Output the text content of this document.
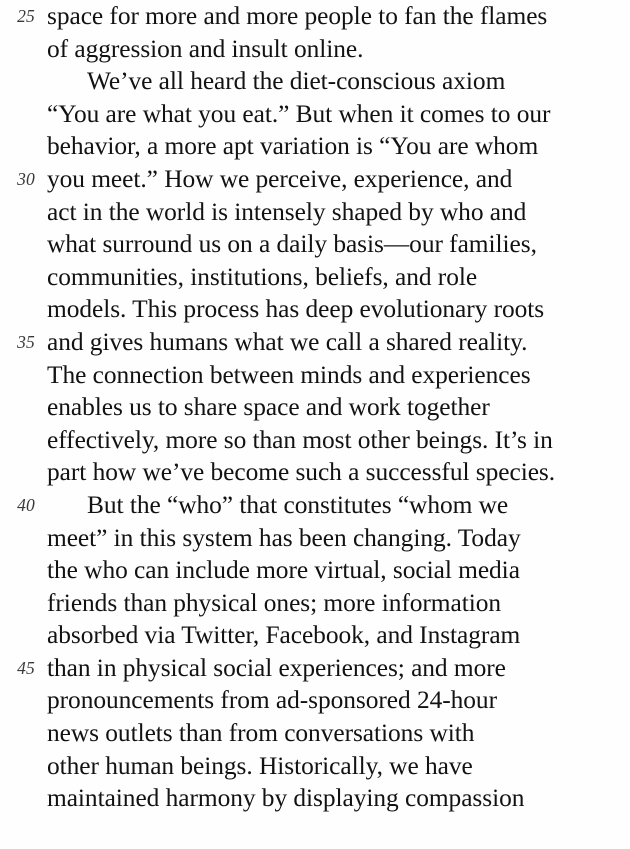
25 space for more and more people to fan the flames
of aggression and insult online.
We’ve all heard the diet-conscious axiom
“You are what you eat.” But when it comes to our
behavior, a more apt variation is “You are whom
30 you meet.” How we perceive, experience, and
act in the world is intensely shaped by who and
what surround us on a daily basis—our families,
communities, institutions, beliefs, and role
models. This process has deep evolutionary roots
35 and gives humans what we call a shared reality.
The connection between minds and experiences
enables us to share space and work together
effectively, more so than most other beings. It’s in
part how we’ve become such a successful species.
40 But the “who” that constitutes “whom we
meet” in this system has been changing. Today
the who can include more virtual, social media
friends than physical ones; more information
absorbed via Twitter, Facebook, and Instagram
45 than in physical social experiences; and more
pronouncements from ad-sponsored 24-hour
news outlets than from conversations with
other human beings. Historically, we have
maintained harmony by displaying compassion
